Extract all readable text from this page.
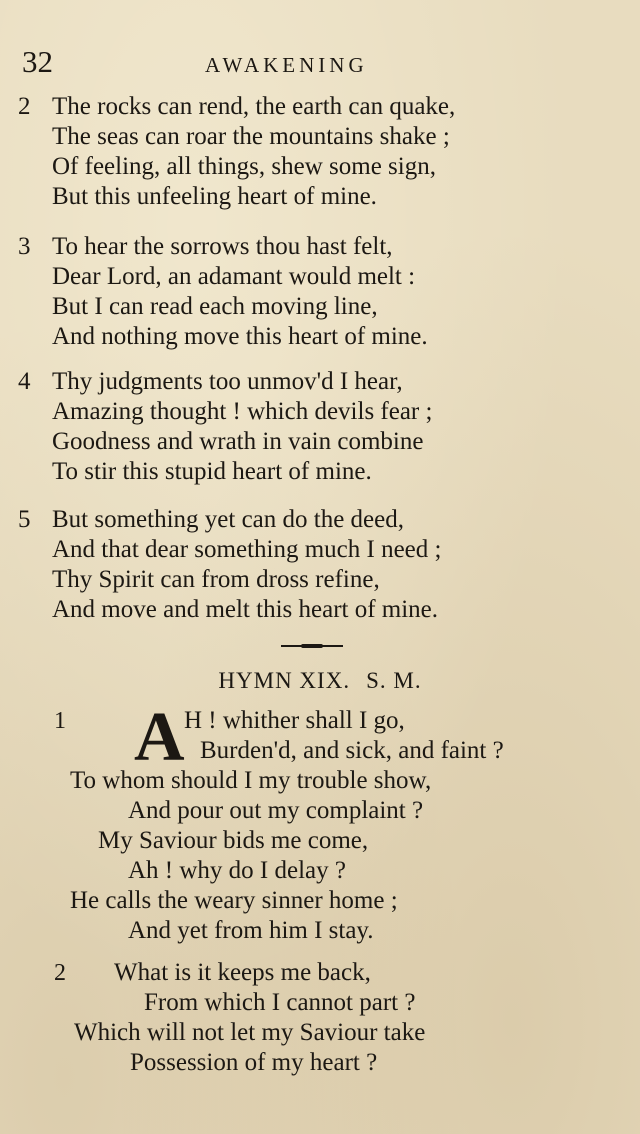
32	AWAKENING
2 The rocks can rend, the earth can quake,
The seas can roar the mountains shake ;
Of feeling, all things, shew some sign,
But this unfeeling heart of mine.
3 To hear the sorrows thou hast felt,
Dear Lord, an adamant would melt :
But I can read each moving line,
And nothing move this heart of mine.
4 Thy judgments too unmov'd I hear,
Amazing thought ! which devils fear ;
Goodness and wrath in vain combine
To stir this stupid heart of mine.
5 But something yet can do the deed,
And that dear something much I need ;
Thy Spirit can from dross refine,
And move and melt this heart of mine.
HYMN XIX. S. M.
1 A H ! whither shall I go,
Burden'd, and sick, and faint ?
To whom should I my trouble show,
And pour out my complaint ?
My Saviour bids me come,
Ah ! why do I delay ?
He calls the weary sinner home ;
And yet from him I stay.
2	What is it keeps me back,
From which I cannot part ?
Which will not let my Saviour take
Possession of my heart ?
